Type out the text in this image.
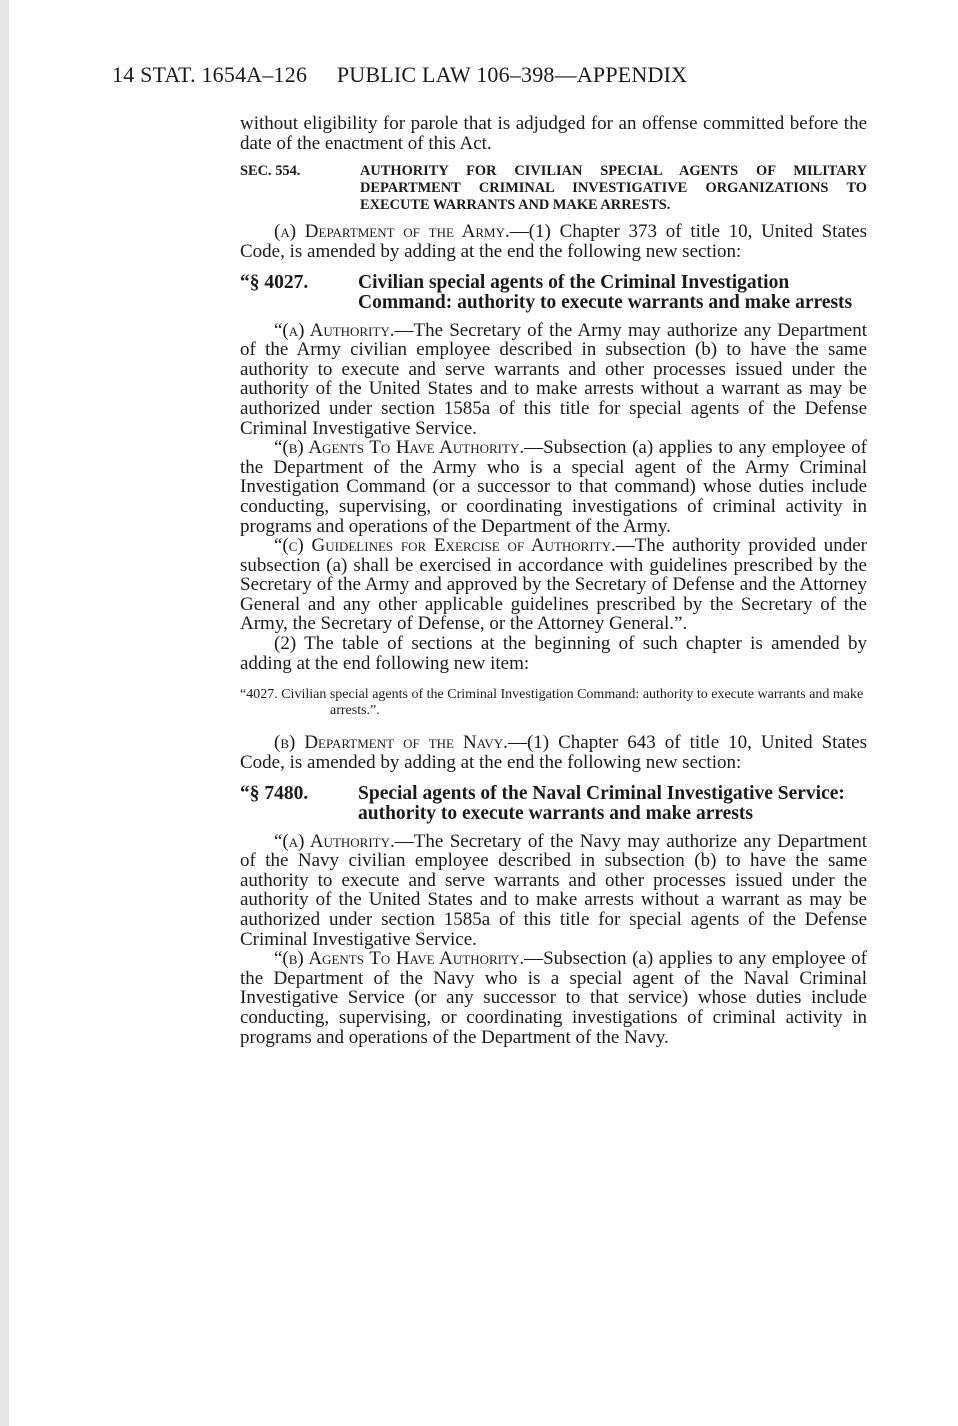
14 STAT. 1654A–126 PUBLIC LAW 106–398—APPENDIX

without eligibility for parole that is adjudged for an offense committed before the date of the enactment of this Act.

SEC. 554.	AUTHORITY FOR CIVILIAN SPECIAL AGENTS OF MILITARY DEPARTMENT CRIMINAL INVESTIGATIVE ORGANIZATIONS TO EXECUTE WARRANTS AND MAKE ARRESTS.

(a) Department of the Army.—(1) Chapter 373 of title 10, United States Code, is amended by adding at the end the following new section:

“§ 4027.	Civilian special agents of the Criminal Investigation Command: authority to execute warrants and make arrests

“(a) Authority.—The Secretary of the Army may authorize any Department of the Army civilian employee described in subsection (b) to have the same authority to execute and serve warrants and other processes issued under the authority of the United States and to make arrests without a warrant as may be authorized under section 1585a of this title for special agents of the Defense Criminal Investigative Service.

“(b) Agents To Have Authority.—Subsection (a) applies to any employee of the Department of the Army who is a special agent of the Army Criminal Investigation Command (or a successor to that command) whose duties include conducting, supervising, or coordinating investigations of criminal activity in programs and operations of the Department of the Army.

“(c) Guidelines for Exercise of Authority.—The authority provided under subsection (a) shall be exercised in accordance with guidelines prescribed by the Secretary of the Army and approved by the Secretary of Defense and the Attorney General and any other applicable guidelines prescribed by the Secretary of the Army, the Secretary of Defense, or the Attorney General.”.

(2) The table of sections at the beginning of such chapter is amended by adding at the end following new item:

“4027. Civilian special agents of the Criminal Investigation Command: authority to execute warrants and make arrests.”.

(b) Department of the Navy.—(1) Chapter 643 of title 10, United States Code, is amended by adding at the end the following new section:

“§ 7480.	Special agents of the Naval Criminal Investigative Service: authority to execute warrants and make arrests

“(a) Authority.—The Secretary of the Navy may authorize any Department of the Navy civilian employee described in subsection (b) to have the same authority to execute and serve warrants and other processes issued under the authority of the United States and to make arrests without a warrant as may be authorized under section 1585a of this title for special agents of the Defense Criminal Investigative Service.

“(b) Agents To Have Authority.—Subsection (a) applies to any employee of the Department of the Navy who is a special agent of the Naval Criminal Investigative Service (or any successor to that service) whose duties include conducting, supervising, or coordinating investigations of criminal activity in programs and operations of the Department of the Navy.
